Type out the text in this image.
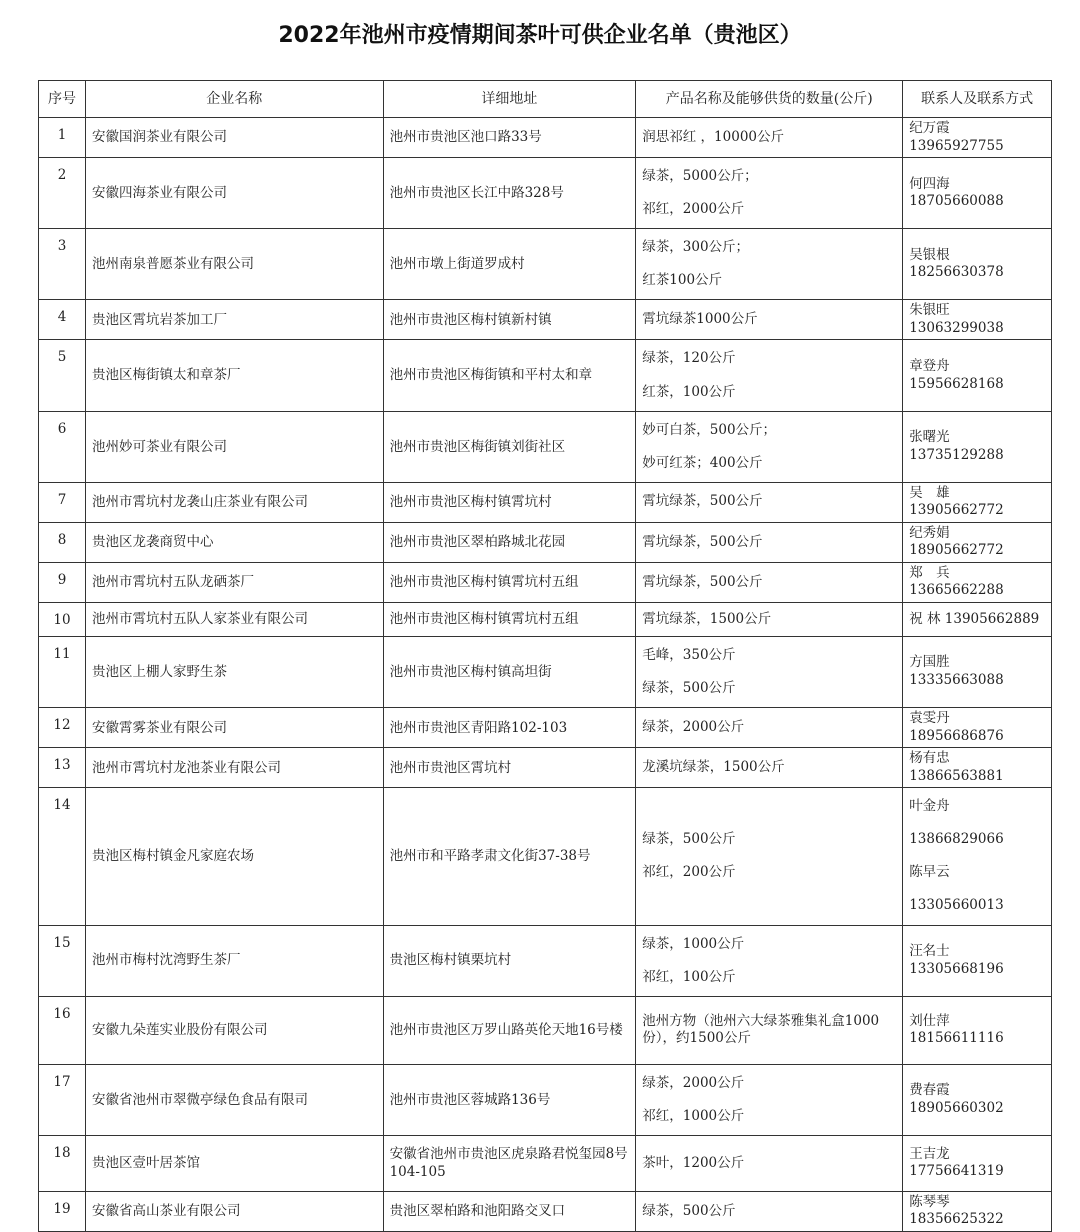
2022年池州市疫情期间茶叶可供企业名单（贵池区）
序号	企业名称	详细地址	产品名称及能够供货的数量(公斤)	联系人及联系方式
1	安徽国润茶业有限公司	池州市贵池区池口路33号	润思祁红 ，10000公斤	纪万霞 13965927755

2	安徽四海茶业有限公司	池州市贵池区长江中路328号	绿茶，5000公斤；
祁红，2000公斤	何四海 18705660088

3	池州南泉普愿茶业有限公司	池州市墩上街道罗成村	绿茶，300公斤；
红茶100公斤	吴银根 18256630378

4	贵池区霄坑岩茶加工厂	池州市贵池区梅村镇新村镇	霄坑绿茶1000公斤	朱银旺 13063299038

5	贵池区梅街镇太和章茶厂	池州市贵池区梅街镇和平村太和章	绿茶，120公斤
红茶，100公斤	章登舟 15956628168

6	池州妙可茶业有限公司	池州市贵池区梅街镇刘街社区	妙可白茶，500公斤；
妙可红茶；400公斤	张曙光 13735129288

7	池州市霄坑村龙袭山庄茶业有限公司	池州市贵池区梅村镇霄坑村	霄坑绿茶，500公斤	吴　雄 13905662772

8	贵池区龙袭商贸中心	池州市贵池区翠柏路城北花园	霄坑绿茶，500公斤	纪秀娟 18905662772

9	池州市霄坑村五队龙硒茶厂	池州市贵池区梅村镇霄坑村五组	霄坑绿茶，500公斤	郑　兵 13665662288

10	池州市霄坑村五队人家茶业有限公司	池州市贵池区梅村镇霄坑村五组	霄坑绿茶，1500公斤	祝 林 13905662889

11	贵池区上棚人家野生茶	池州市贵池区梅村镇高坦街	毛峰，350公斤
绿茶，500公斤	方国胜 13335663088

12	安徽霄雾茶业有限公司	池州市贵池区青阳路102-103	绿茶，2000公斤	袁雯丹 18956686876

13	池州市霄坑村龙池茶业有限公司	池州市贵池区霄坑村	龙溪坑绿茶，1500公斤	杨有忠 13866563881

14	贵池区梅村镇金凡家庭农场	池州市和平路孝肃文化街37-38号	绿茶，500公斤
祁红，200公斤	叶金舟 13866829066
陈早云 13305660013

15	池州市梅村沈湾野生茶厂	贵池区梅村镇栗坑村	绿茶，1000公斤
祁红，100公斤	汪名士 13305668196

16	安徽九朵莲实业股份有限公司	池州市贵池区万罗山路英伦天地16号楼	池州方物（池州六大绿茶雅集礼盒1000份），约1500公斤	刘仕萍 18156611116

17	安徽省池州市翠微亭绿色食品有限司	池州市贵池区蓉城路136号	绿茶，2000公斤
祁红，1000公斤	费春霞 18905660302

18	贵池区壹叶居茶馆	安徽省池州市贵池区虎泉路君悦玺园8号104-105	茶叶，1200公斤	王吉龙 17756641319

19	安徽省高山茶业有限公司	贵池区翠柏路和池阳路交叉口	绿茶，500公斤	陈琴琴 18356625322
